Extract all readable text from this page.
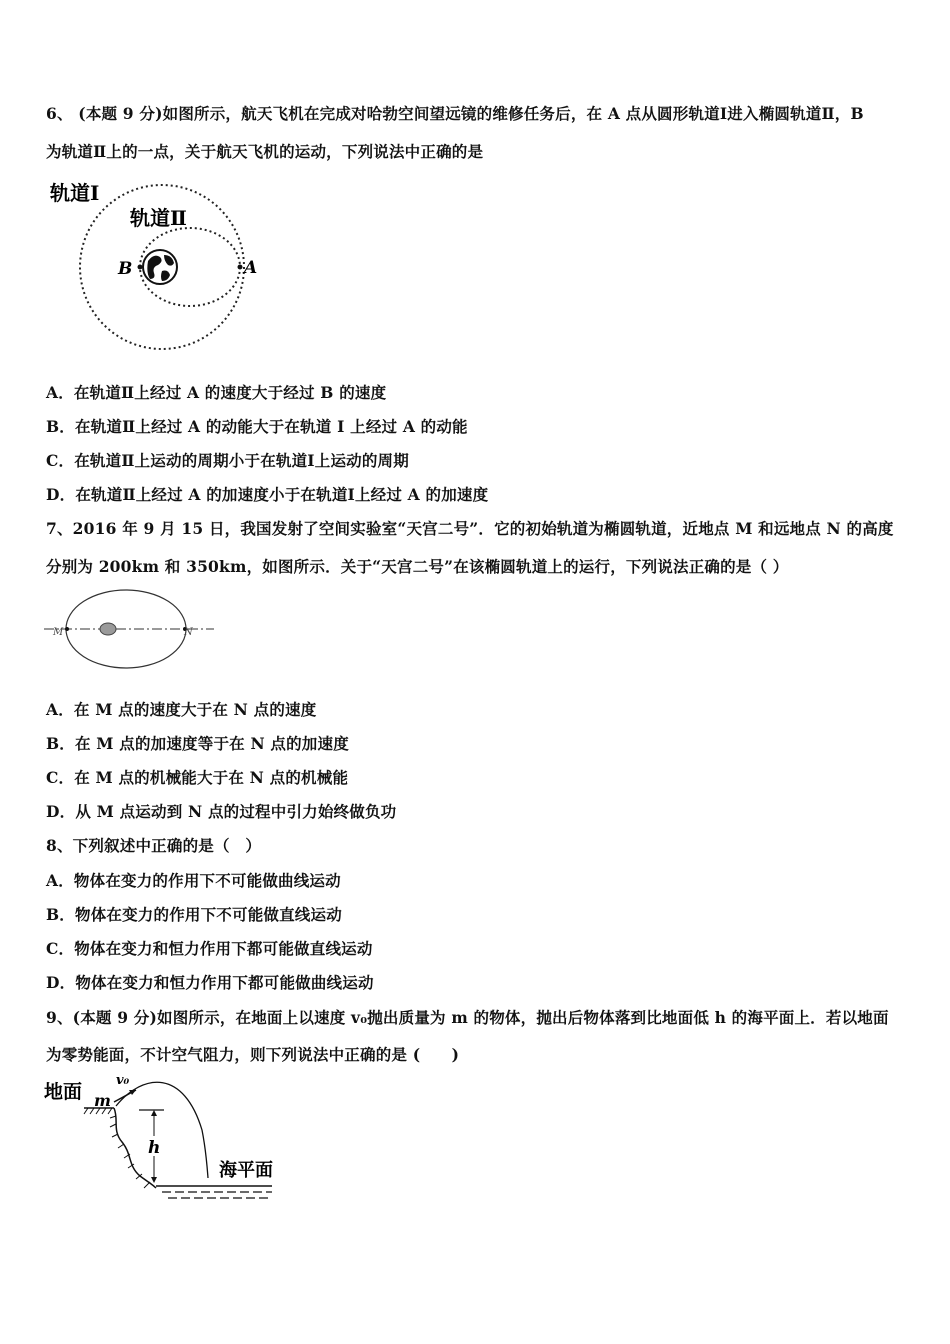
6、 (本题 9 分)如图所示，航天飞机在完成对哈勃空间望远镜的维修任务后，在 A 点从圆形轨道Ⅰ进入椭圆轨道Ⅱ，B
为轨道Ⅱ上的一点，关于航天飞机的运动，下列说法中正确的是
轨道Ⅰ
轨道Ⅱ
B	A
A．在轨道Ⅱ上经过 A 的速度大于经过 B 的速度
B．在轨道Ⅱ上经过 A 的动能大于在轨道 I 上经过 A 的动能
C．在轨道Ⅱ上运动的周期小于在轨道Ⅰ上运动的周期
D．在轨道Ⅱ上经过 A 的加速度小于在轨道Ⅰ上经过 A 的加速度
7、2016 年 9 月 15 日，我国发射了空间实验室“天宫二号”．它的初始轨道为椭圆轨道，近地点 M 和远地点 N 的高度
分别为 200km 和 350km，如图所示．关于“天宫二号”在该椭圆轨道上的运行，下列说法正确的是（ ）
M	N
A．在 M 点的速度大于在 N 点的速度
B．在 M 点的加速度等于在 N 点的加速度
C．在 M 点的机械能大于在 N 点的机械能
D．从 M 点运动到 N 点的过程中引力始终做负功
8、下列叙述中正确的是（　）
A．物体在变力的作用下不可能做曲线运动
B．物体在变力的作用下不可能做直线运动
C．物体在变力和恒力作用下都可能做直线运动
D．物体在变力和恒力作用下都可能做曲线运动
9、(本题 9 分)如图所示，在地面上以速度 v₀抛出质量为 m 的物体，抛出后物体落到比地面低 h 的海平面上．若以地面
为零势能面，不计空气阻力，则下列说法中正确的是 (　　)
地面
v₀
m
h
海平面
